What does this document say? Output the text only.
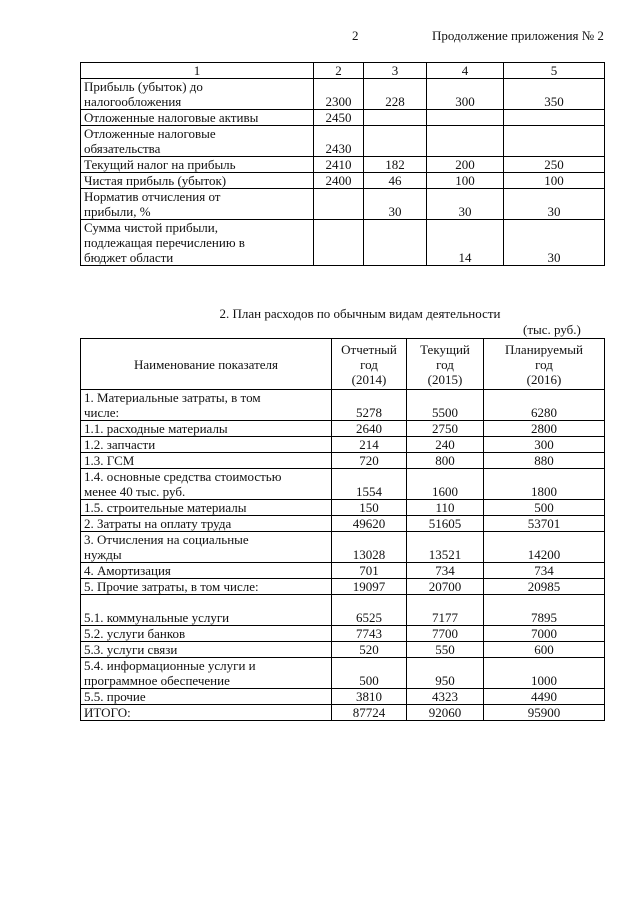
2	Продолжение приложения № 2
1	2	3	4	5

Прибыль (убыток) до
налогообложения	2300	228	300	350

Отложенные налоговые активы	2450			

Отложенные налоговые
обязательства	2430			

Текущий налог на прибыль	2410	182	200	250

Чистая прибыль (убыток)	2400	46	100	100

Норматив отчисления от
прибыли, %		30	30	30

Сумма чистой прибыли,
подлежащая перечислению в
бюджет области			14	30
2. План расходов по обычным видам деятельности
(тыс. руб.)
Наименование показателя	Отчетный
год
(2014)	Текущий
год
(2015)	Планируемый
год
(2016)

1. Материальные затраты, в том
числе:	5278	5500	6280

1.1. расходные материалы	2640	2750	2800

1.2. запчасти	214	240	300

1.3. ГСМ	720	800	880

1.4. основные средства стоимостью
менее 40 тыс. руб.	1554	1600	1800

1.5. строительные материалы	150	110	500

2. Затраты на оплату труда	49620	51605	53701

3. Отчисления на социальные
нужды	13028	13521	14200

4. Амортизация	701	734	734

5. Прочие затраты, в том числе:	19097	20700	20985

5.1. коммунальные услуги	6525	7177	7895

5.2. услуги банков	7743	7700	7000

5.3. услуги связи	520	550	600

5.4. информационные услуги и
программное обеспечение	500	950	1000

5.5. прочие	3810	4323	4490

ИТОГО:	87724	92060	95900
